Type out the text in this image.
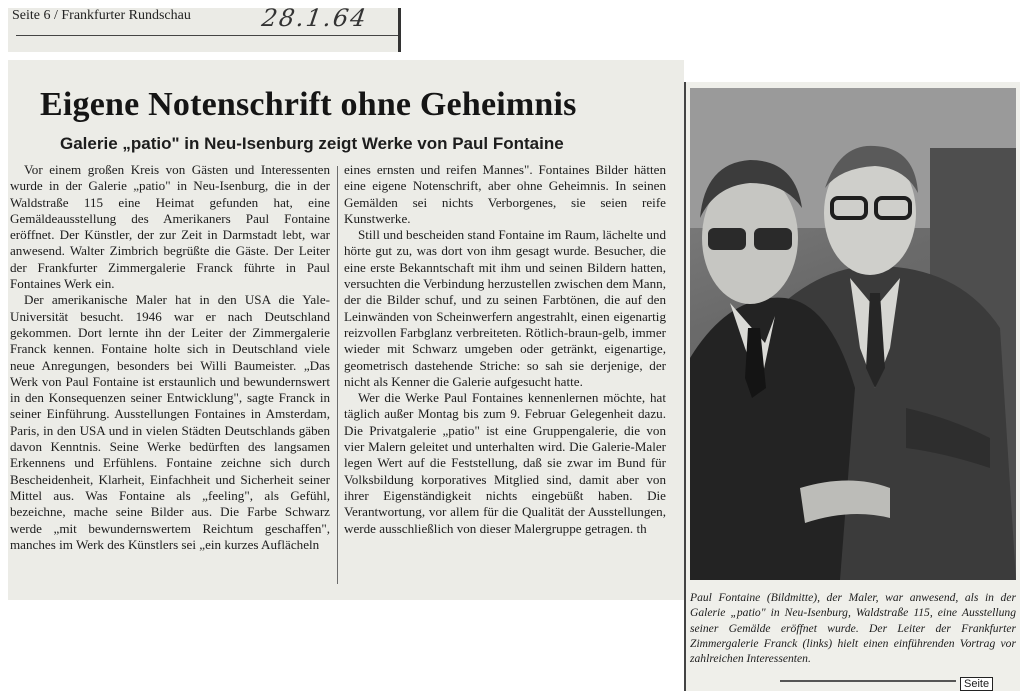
Seite 6 / Frankfurter Rundschau	28.1.64
Eigene Notenschrift ohne Geheimnis
Galerie „patio" in Neu-Isenburg zeigt Werke von Paul Fontaine

Vor einem großen Kreis von Gästen und Interessenten wurde in der Galerie „patio" in Neu-Isenburg, die in der Waldstraße 115 eine Heimat gefunden hat, eine Gemäldeausstellung des Amerikaners Paul Fontaine eröffnet. Der Künstler, der zur Zeit in Darmstadt lebt, war anwesend. Walter Zimbrich begrüßte die Gäste. Der Leiter der Frankfurter Zimmergalerie Franck führte in Paul Fontaines Werk ein.

Der amerikanische Maler hat in den USA die Yale-Universität besucht. 1946 war er nach Deutschland gekommen. Dort lernte ihn der Leiter der Zimmergalerie Franck kennen. Fontaine holte sich in Deutschland viele neue Anregungen, besonders bei Willi Baumeister. „Das Werk von Paul Fontaine ist erstaunlich und bewundernswert in den Konsequenzen seiner Entwicklung", sagte Franck in seiner Einführung. Ausstellungen Fontaines in Amsterdam, Paris, in den USA und in vielen Städten Deutschlands gäben davon Kenntnis. Seine Werke bedürften des langsamen Erkennens und Erfühlens. Fontaine zeichne sich durch Bescheidenheit, Klarheit, Einfachheit und Sicherheit seiner Mittel aus. Was Fontaine als „feeling", als Gefühl, bezeichne, mache seine Bilder aus. Die Farbe Schwarz werde „mit bewundernswertem Reichtum geschaffen", manches im Werk des Künstlers sei „ein kurzes Auflächeln

eines ernsten und reifen Mannes". Fontaines Bilder hätten eine eigene Notenschrift, aber ohne Geheimnis. In seinen Gemälden sei nichts Verborgenes, sie seien reife Kunstwerke.

Still und bescheiden stand Fontaine im Raum, lächelte und hörte gut zu, was dort von ihm gesagt wurde. Besucher, die eine erste Bekanntschaft mit ihm und seinen Bildern hatten, versuchten die Verbindung herzustellen zwischen dem Mann, der die Bilder schuf, und zu seinen Farbtönen, die auf den Leinwänden von Scheinwerfern angestrahlt, einen eigenartig reizvollen Farbglanz verbreiteten. Rötlich-braun-gelb, immer wieder mit Schwarz umgeben oder getränkt, eigenartige, geometrisch dastehende Striche: so sah sie derjenige, der nicht als Kenner die Galerie aufgesucht hatte.

Wer die Werke Paul Fontaines kennenlernen möchte, hat täglich außer Montag bis zum 9. Februar Gelegenheit dazu. Die Privatgalerie „patio" ist eine Gruppengalerie, die von vier Malern geleitet und unterhalten wird. Die Galerie-Maler legen Wert auf die Feststellung, daß sie zwar im Bund für Volksbildung korporatives Mitglied sind, damit aber von ihrer Eigenständigkeit nichts eingebüßt haben. Die Verantwortung, vor allem für die Qualität der Ausstellungen, werde ausschließlich von dieser Malergruppe getragen. th

Paul Fontaine (Bildmitte), der Maler, war anwesend, als in der Galerie „patio" in Neu-Isenburg, Waldstraße 115, eine Ausstellung seiner Gemälde eröffnet wurde. Der Leiter der Frankfurter Zimmergalerie Franck (links) hielt einen einführenden Vortrag vor zahlreichen Interessenten.

Seite
